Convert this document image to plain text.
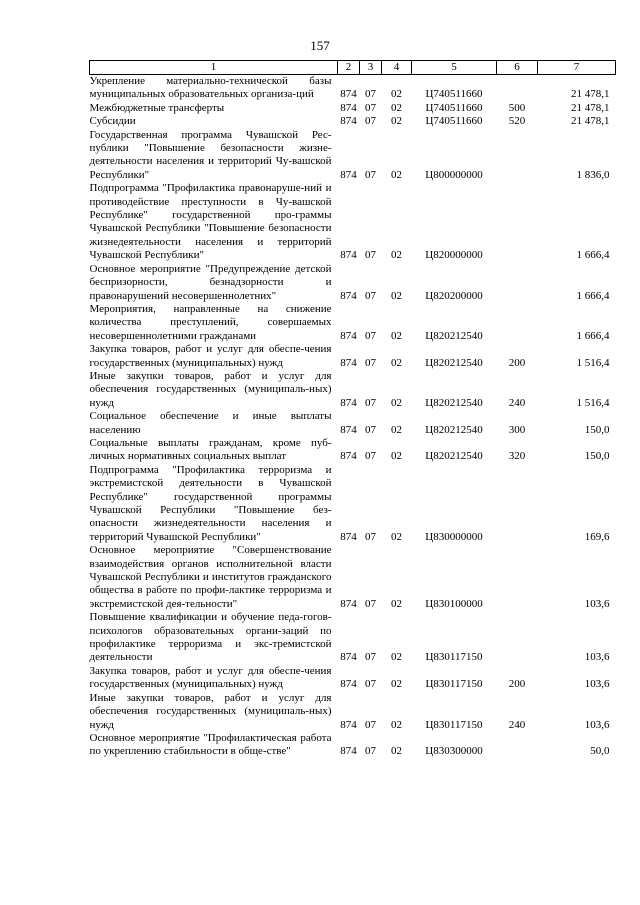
157
1	2	3	4	5	6	7
Укрепление материально-технической базы муниципальных образовательных организа-ций	874	07	02	Ц740511660		21 478,1
Межбюджетные трансферты	874	07	02	Ц740511660	500	21 478,1
Субсидии	874	07	02	Ц740511660	520	21 478,1
Государственная программа Чувашской Рес-публики "Повышение безопасности жизне-деятельности населения и территорий Чу-вашской Республики"	874	07	02	Ц800000000		1 836,0
Подпрограмма "Профилактика правонаруше-ний и противодействие преступности в Чу-вашской Республике" государственной про-граммы Чувашской Республики "Повышение безопасности жизнедеятельности населения и территорий Чувашской Республики"	874	07	02	Ц820000000		1 666,4
Основное мероприятие "Предупреждение детской беспризорности, безнадзорности и правонарушений несовершеннолетних"	874	07	02	Ц820200000		1 666,4
Мероприятия, направленные на снижение количества преступлений, совершаемых несовершеннолетними гражданами	874	07	02	Ц820212540		1 666,4
Закупка товаров, работ и услуг для обеспе-чения государственных (муниципальных) нужд	874	07	02	Ц820212540	200	1 516,4
Иные закупки товаров, работ и услуг для обеспечения государственных (муниципаль-ных) нужд	874	07	02	Ц820212540	240	1 516,4
Социальное обеспечение и иные выплаты населению	874	07	02	Ц820212540	300	150,0
Социальные выплаты гражданам, кроме пуб-личных нормативных социальных выплат	874	07	02	Ц820212540	320	150,0
Подпрограмма "Профилактика терроризма и экстремистской деятельности в Чувашской Республике" государственной программы Чувашской Республики "Повышение без-опасности жизнедеятельности населения и территорий Чувашской Республики"	874	07	02	Ц830000000		169,6
Основное мероприятие "Совершенствование взаимодействия органов исполнительной власти Чувашской Республики и институтов гражданского общества в работе по профи-лактике терроризма и экстремистской дея-тельности"	874	07	02	Ц830100000		103,6
Повышение квалификации и обучение педа-гогов-психологов образовательных органи-заций по профилактике терроризма и экс-тремистской деятельности	874	07	02	Ц830117150		103,6
Закупка товаров, работ и услуг для обеспе-чения государственных (муниципальных) нужд	874	07	02	Ц830117150	200	103,6
Иные закупки товаров, работ и услуг для обеспечения государственных (муниципаль-ных) нужд	874	07	02	Ц830117150	240	103,6
Основное мероприятие "Профилактическая работа по укреплению стабильности в обще-стве"	874	07	02	Ц830300000		50,0
